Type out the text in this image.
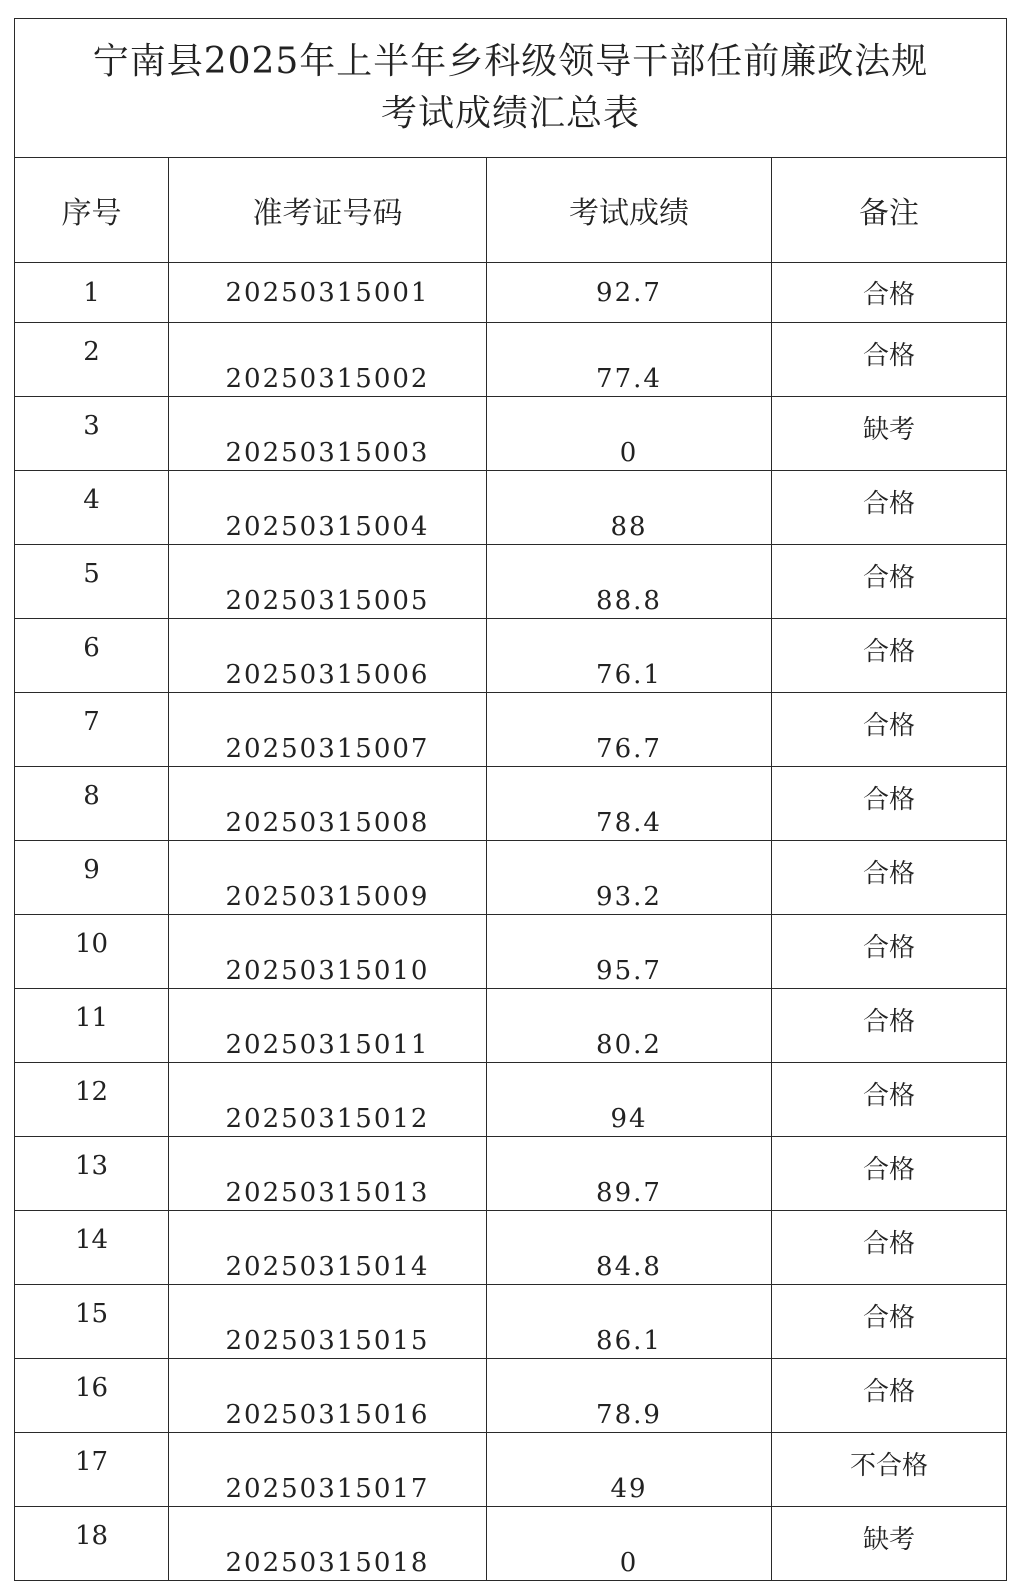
宁南县2025年上半年乡科级领导干部任前廉政法规
考试成绩汇总表			

序号	准考证号码	考试成绩	备注
1	20250315001	92.7	合格
2	20250315002	77.4	合格
3	20250315003	0	缺考
4	20250315004	88	合格
5	20250315005	88.8	合格
6	20250315006	76.1	合格
7	20250315007	76.7	合格
8	20250315008	78.4	合格
9	20250315009	93.2	合格
10	20250315010	95.7	合格
11	20250315011	80.2	合格
12	20250315012	94	合格
13	20250315013	89.7	合格
14	20250315014	84.8	合格
15	20250315015	86.1	合格
16	20250315016	78.9	合格
17	20250315017	49	不合格
18	20250315018	0	缺考
